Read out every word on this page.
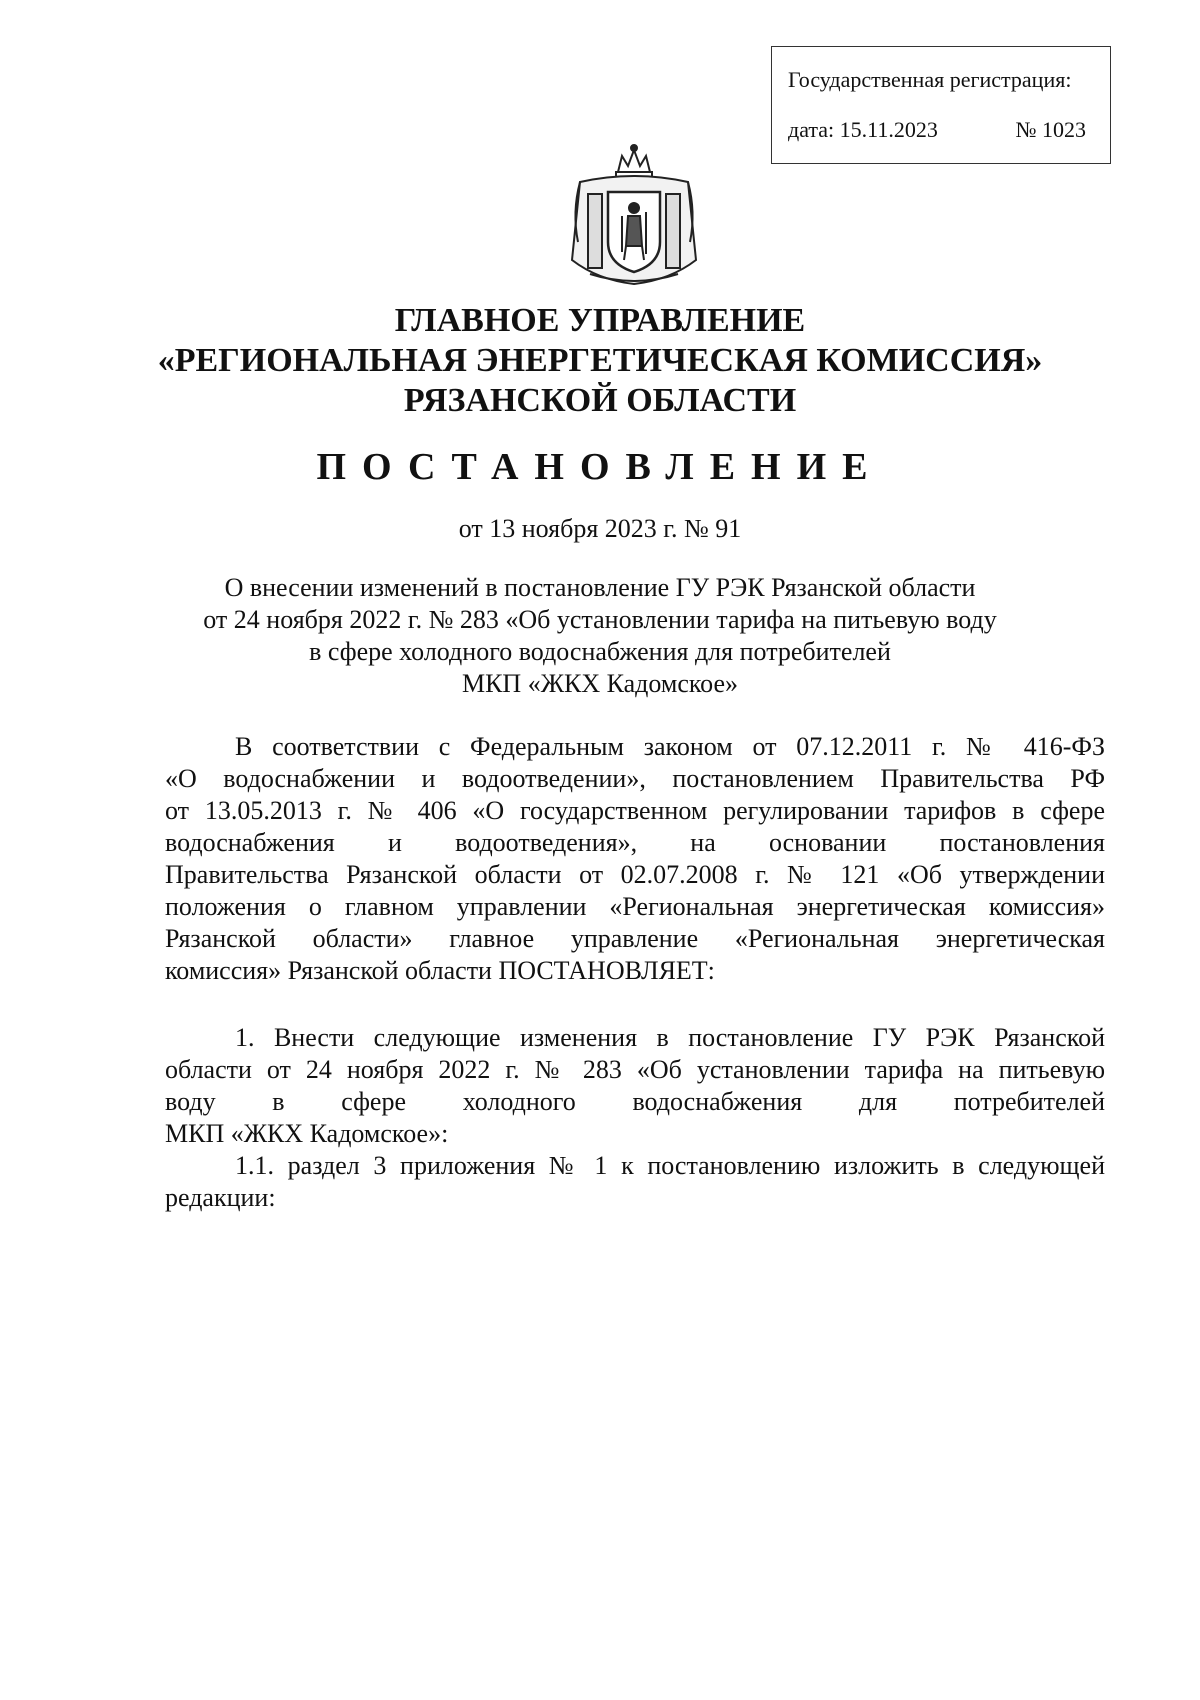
Государственная регистрация:
дата: 15.11.2023	№ 1023
ГЛАВНОЕ УПРАВЛЕНИЕ
«РЕГИОНАЛЬНАЯ ЭНЕРГЕТИЧЕСКАЯ КОМИССИЯ»
РЯЗАНСКОЙ ОБЛАСТИ
ПОСТАНОВЛЕНИЕ
от 13 ноября 2023 г. № 91
О внесении изменений в постановление ГУ РЭК Рязанской области
от 24 ноября 2022 г. № 283 «Об установлении тарифа на питьевую воду
в сфере холодного водоснабжения для потребителей
МКП «ЖКХ Кадомское»
В соответствии с Федеральным законом от 07.12.2011 г. № 416-ФЗ
«О водоснабжении и водоотведении», постановлением Правительства РФ
от 13.05.2013 г. № 406 «О государственном регулировании тарифов в сфере
водоснабжения и водоотведения», на основании постановления
Правительства Рязанской области от 02.07.2008 г. № 121 «Об утверждении
положения о главном управлении «Региональная энергетическая комиссия»
Рязанской области» главное управление «Региональная энергетическая
комиссия» Рязанской области ПОСТАНОВЛЯЕТ:
1. Внести следующие изменения в постановление ГУ РЭК Рязанской
области от 24 ноября 2022 г. № 283 «Об установлении тарифа на питьевую
воду в сфере холодного водоснабжения для потребителей
МКП «ЖКХ Кадомское»:
1.1. раздел 3 приложения № 1 к постановлению изложить в следующей
редакции:
